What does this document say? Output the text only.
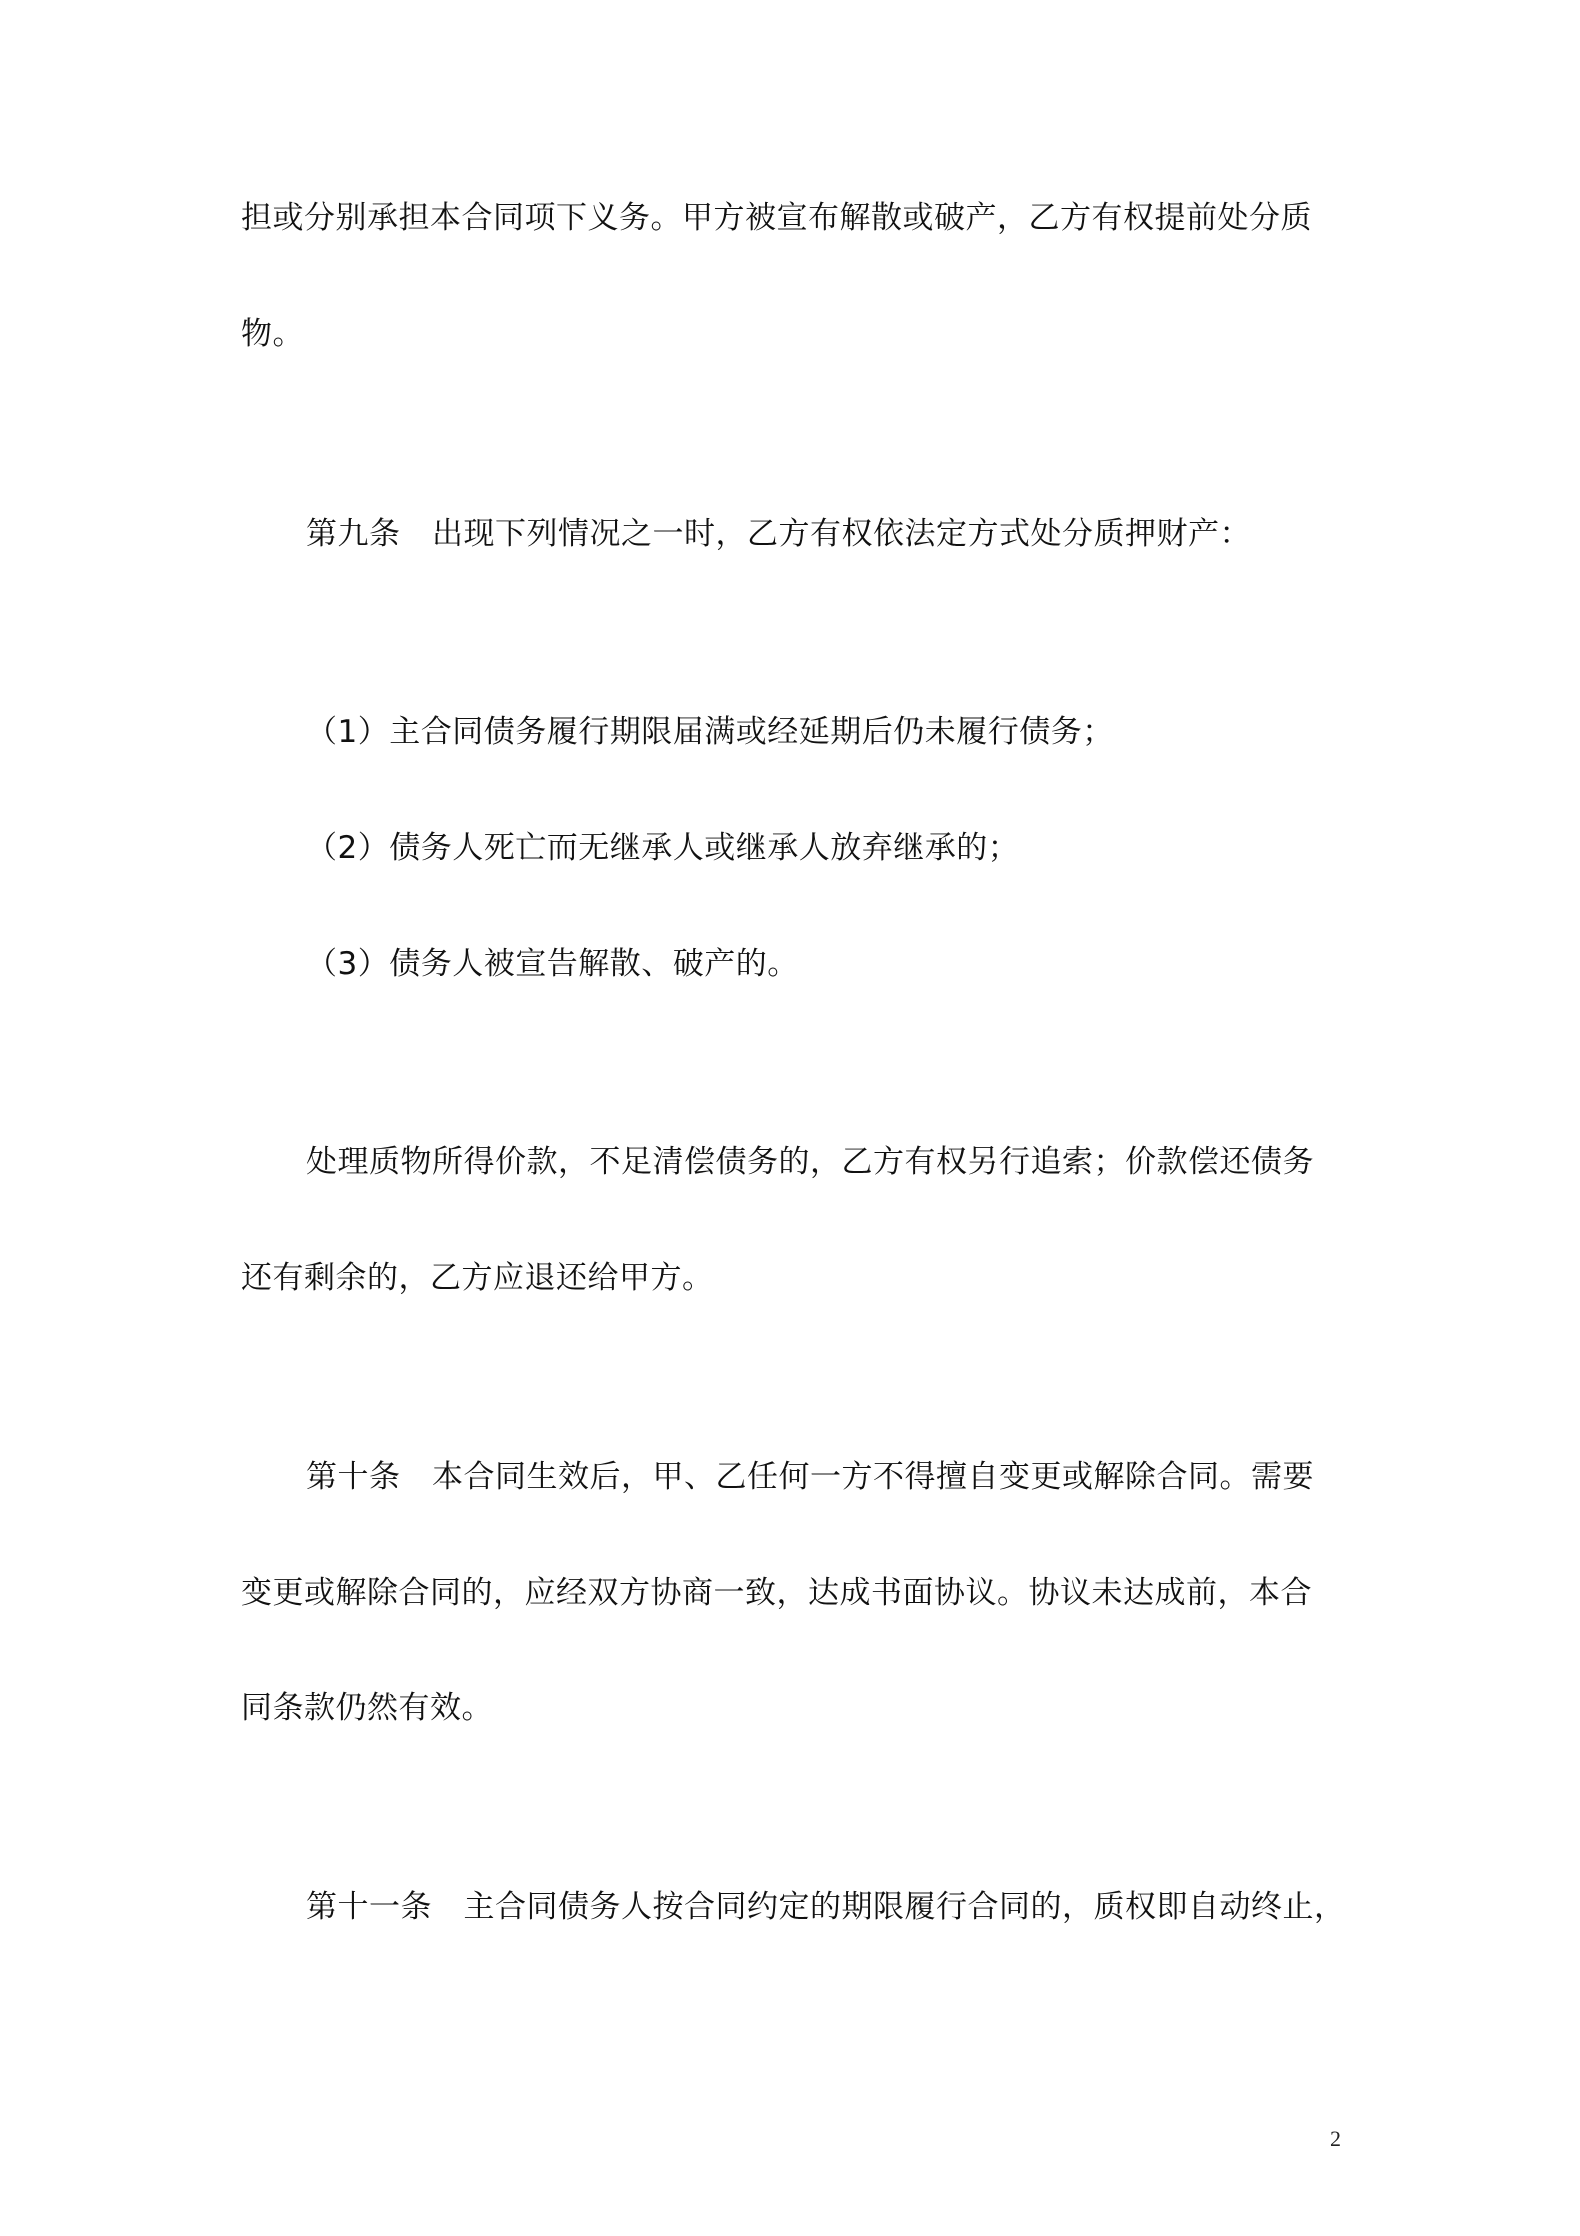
担或分别承担本合同项下义务。甲方被宣布解散或破产，乙方有权提前处分质
物。
第九条　出现下列情况之一时，乙方有权依法定方式处分质押财产：
（1）主合同债务履行期限届满或经延期后仍未履行债务；
（2）债务人死亡而无继承人或继承人放弃继承的；
（3）债务人被宣告解散、破产的。
处理质物所得价款，不足清偿债务的，乙方有权另行追索；价款偿还债务
还有剩余的，乙方应退还给甲方。
第十条　本合同生效后，甲、乙任何一方不得擅自变更或解除合同。需要
变更或解除合同的，应经双方协商一致，达成书面协议。协议未达成前，本合
同条款仍然有效。
第十一条　主合同债务人按合同约定的期限履行合同的，质权即自动终止，
2
